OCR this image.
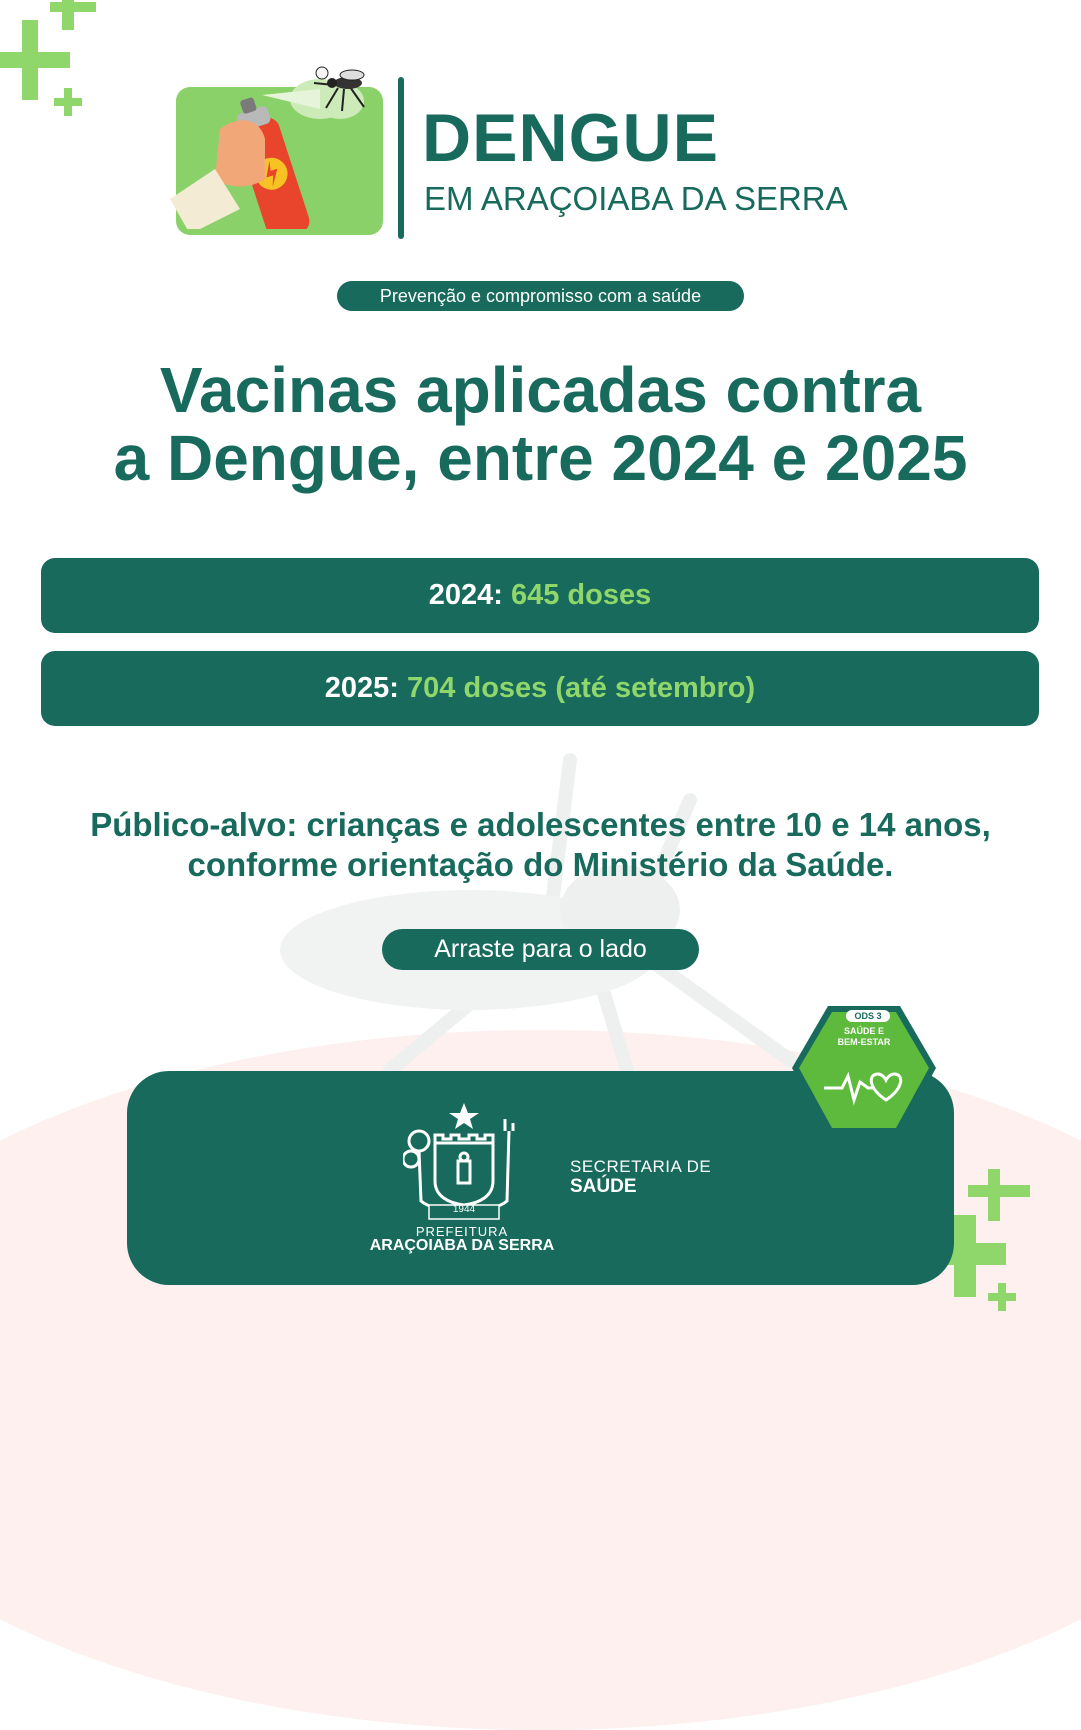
DENGUE
EM ARAÇOIABA DA SERRA
Prevenção e compromisso com a saúde
Vacinas aplicadas contra
a Dengue, entre 2024 e 2025
2024: 645 doses
2025: 704 doses (até setembro)
Público-alvo: crianças e adolescentes entre 10 e 14 anos,
conforme orientação do Ministério da Saúde.
Arraste para o lado
1944
PREFEITURA
ARAÇOIABA DA SERRA
SECRETARIA DE
SAÚDE
ODS 3
SAÚDE E
BEM-ESTAR
